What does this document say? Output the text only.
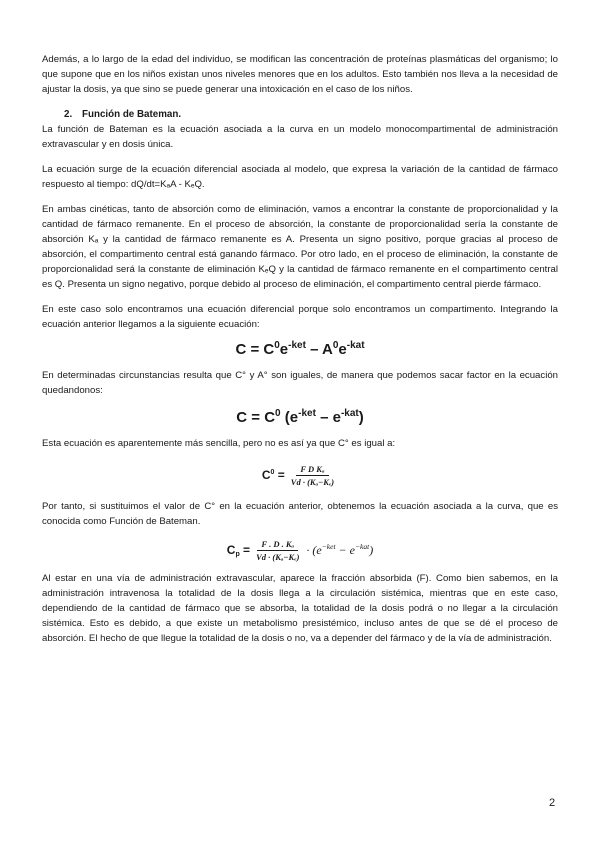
Además, a lo largo de la edad del individuo, se modifican las concentración de proteínas plasmáticas del organismo; lo que supone que en los niños existan unos niveles menores que en los adultos. Esto también nos lleva a la necesidad de ajustar la dosis, ya que sino se puede generar una intoxicación en el caso de los niños.

2. Función de Bateman.

La función de Bateman es la ecuación asociada a la curva en un modelo monocompartimental de administración extravascular y en dosis única.

La ecuación surge de la ecuación diferencial asociada al modelo, que expresa la variación de la cantidad de fármaco respuesto al tiempo: dQ/dt=KₐA - KₑQ.

En ambas cinéticas, tanto de absorción como de eliminación, vamos a encontrar la constante de proporcionalidad y la cantidad de fármaco remanente. En el proceso de absorción, la constante de proporcionalidad sería la constante de absorción Kₐ y la cantidad de fármaco remanente es A. Presenta un signo positivo, porque gracias al proceso de absorción, el compartimento central está ganando fármaco. Por otro lado, en el proceso de eliminación, la constante de proporcionalidad será la constante de eliminación KₑQ y la cantidad de fármaco remanente en el compartimento central es Q. Presenta un signo negativo, porque debido al proceso de eliminación, el compartimento central pierde fármaco.

En este caso solo encontramos una ecuación diferencial porque solo encontramos un compartimento. Integrando la ecuación anterior llegamos a la siguiente ecuación:

$C = C^0e^{-ket} - A^0e^{-kat}$

En determinadas circunstancias resulta que C° y A° son iguales, de manera que podemos sacar factor en la ecuación quedandonos:

$C = C^0$ $(e^{-ket} - e^{-kat})$

Esta ecuación es aparentemente más sencilla, pero no es así ya que C° es igual a:

$C^0 = \frac{\text{F D Kₐ}}{\text{Vd · (Kₐ−Kₑ)}}$

Por tanto, si sustituimos el valor de C° en la ecuación anterior, obtenemos la ecuación asociada a la curva, que es conocida como Función de Bateman.

$C_p = \frac{\text{F . D . Kₐ}}{\text{Vd · (Kₐ−Kₑ)}} \cdot (e^{-ket} - e^{-kat})$

Al estar en una vía de administración extravascular, aparece la fracción absorbida (F). Como bien sabemos, en la administración intravenosa la totalidad de la dosis llega a la circulación sistémica, mientras que en este caso, dependiendo de la cantidad de fármaco que se absorba, la totalidad de la dosis podrá o no llegar a la circulación sistémica. Esto es debido, a que existe un metabolismo presistémico, incluso antes de que se dé el proceso de absorción. El hecho de que llegue la totalidad de la dosis o no, va a depender del fármaco y de la vía de administración.

2
